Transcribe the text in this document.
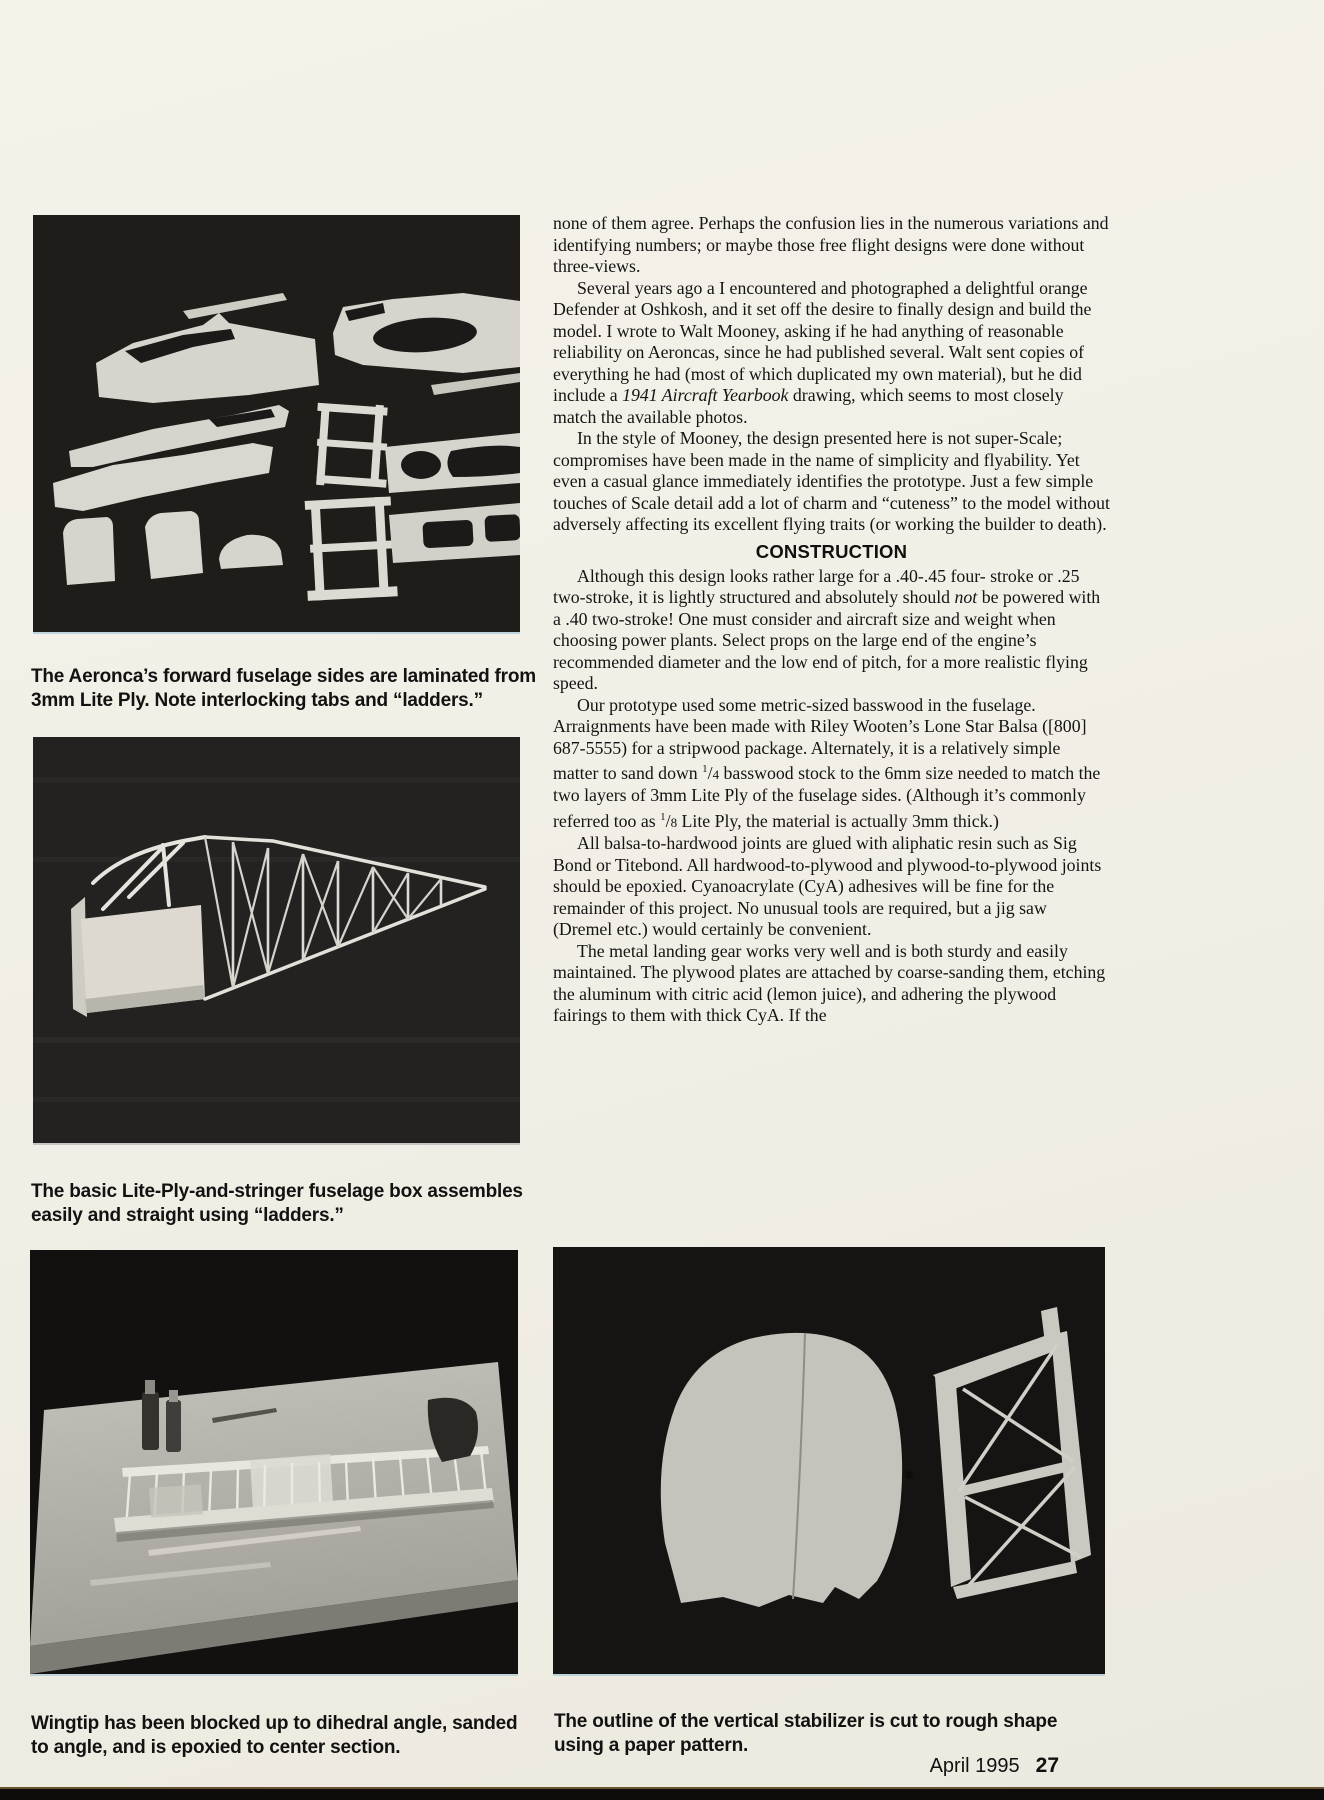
The Aeronca’s forward fuselage sides are laminated from 3mm Lite Ply. Note interlocking tabs and “ladders.”

The basic Lite-Ply-and-stringer fuselage box assembles easily and straight using “ladders.”

Wingtip has been blocked up to dihedral angle, sanded to angle, and is epoxied to center section.

The outline of the vertical stabilizer is cut to rough shape using a paper pattern.

none of them agree. Perhaps the confusion lies in the numerous variations and identifying numbers; or maybe those free flight designs were done without three-views.

Several years ago a I encountered and photographed a delightful orange Defender at Oshkosh, and it set off the desire to finally design and build the model. I wrote to Walt Mooney, asking if he had anything of reasonable reliability on Aeroncas, since he had published several. Walt sent copies of everything he had (most of which duplicated my own material), but he did include a 1941 Aircraft Yearbook drawing, which seems to most closely match the available photos.

In the style of Mooney, the design presented here is not super-Scale; compromises have been made in the name of simplicity and flyability. Yet even a casual glance immediately identifies the prototype. Just a few simple touches of Scale detail add a lot of charm and “cuteness” to the model without adversely affecting its excellent flying traits (or working the builder to death).

CONSTRUCTION

Although this design looks rather large for a .40-.45 four- stroke or .25 two-stroke, it is lightly structured and absolutely should not be powered with a .40 two-stroke! One must consider and aircraft size and weight when choosing power plants. Select props on the large end of the engine’s recommended diameter and the low end of pitch, for a more realistic flying speed.

Our prototype used some metric-sized basswood in the fuselage. Arraignments have been made with Riley Wooten’s Lone Star Balsa ([800] 687-5555) for a stripwood package. Alternately, it is a relatively simple matter to sand down $^1$/4 basswood stock to the 6mm size needed to match the two layers of 3mm Lite Ply of the fuselage sides. (Although it’s commonly referred too as $^1$/8 Lite Ply, the material is actually 3mm thick.)

All balsa-to-hardwood joints are glued with aliphatic resin such as Sig Bond or Titebond. All hardwood-to-plywood and plywood-to-plywood joints should be epoxied. Cyanoacrylate (CyA) adhesives will be fine for the remainder of this project. No unusual tools are required, but a jig saw (Dremel etc.) would certainly be convenient.

The metal landing gear works very well and is both sturdy and easily maintained. The plywood plates are attached by coarse-sanding them, etching the aluminum with citric acid (lemon juice), and adhering the plywood fairings to them with thick CyA. If the

April 1995 27
